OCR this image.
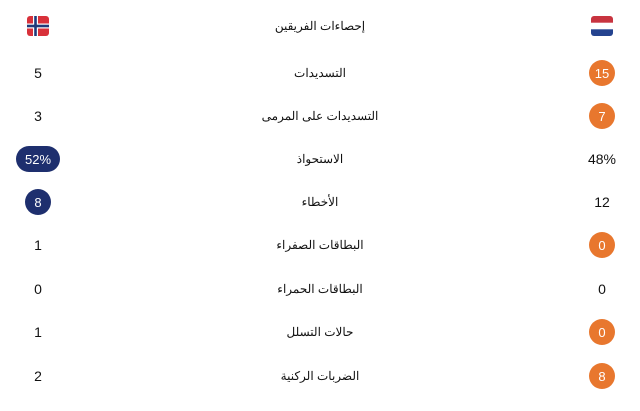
إحصاءات الفريقين
5	التسديدات	15
3	التسديدات على المرمى	7
52%	الاستحواذ	48%
8	الأخطاء	12
1	البطاقات الصفراء	0
0	البطاقات الحمراء	0
1	حالات التسلل	0
2	الضربات الركنية	8
